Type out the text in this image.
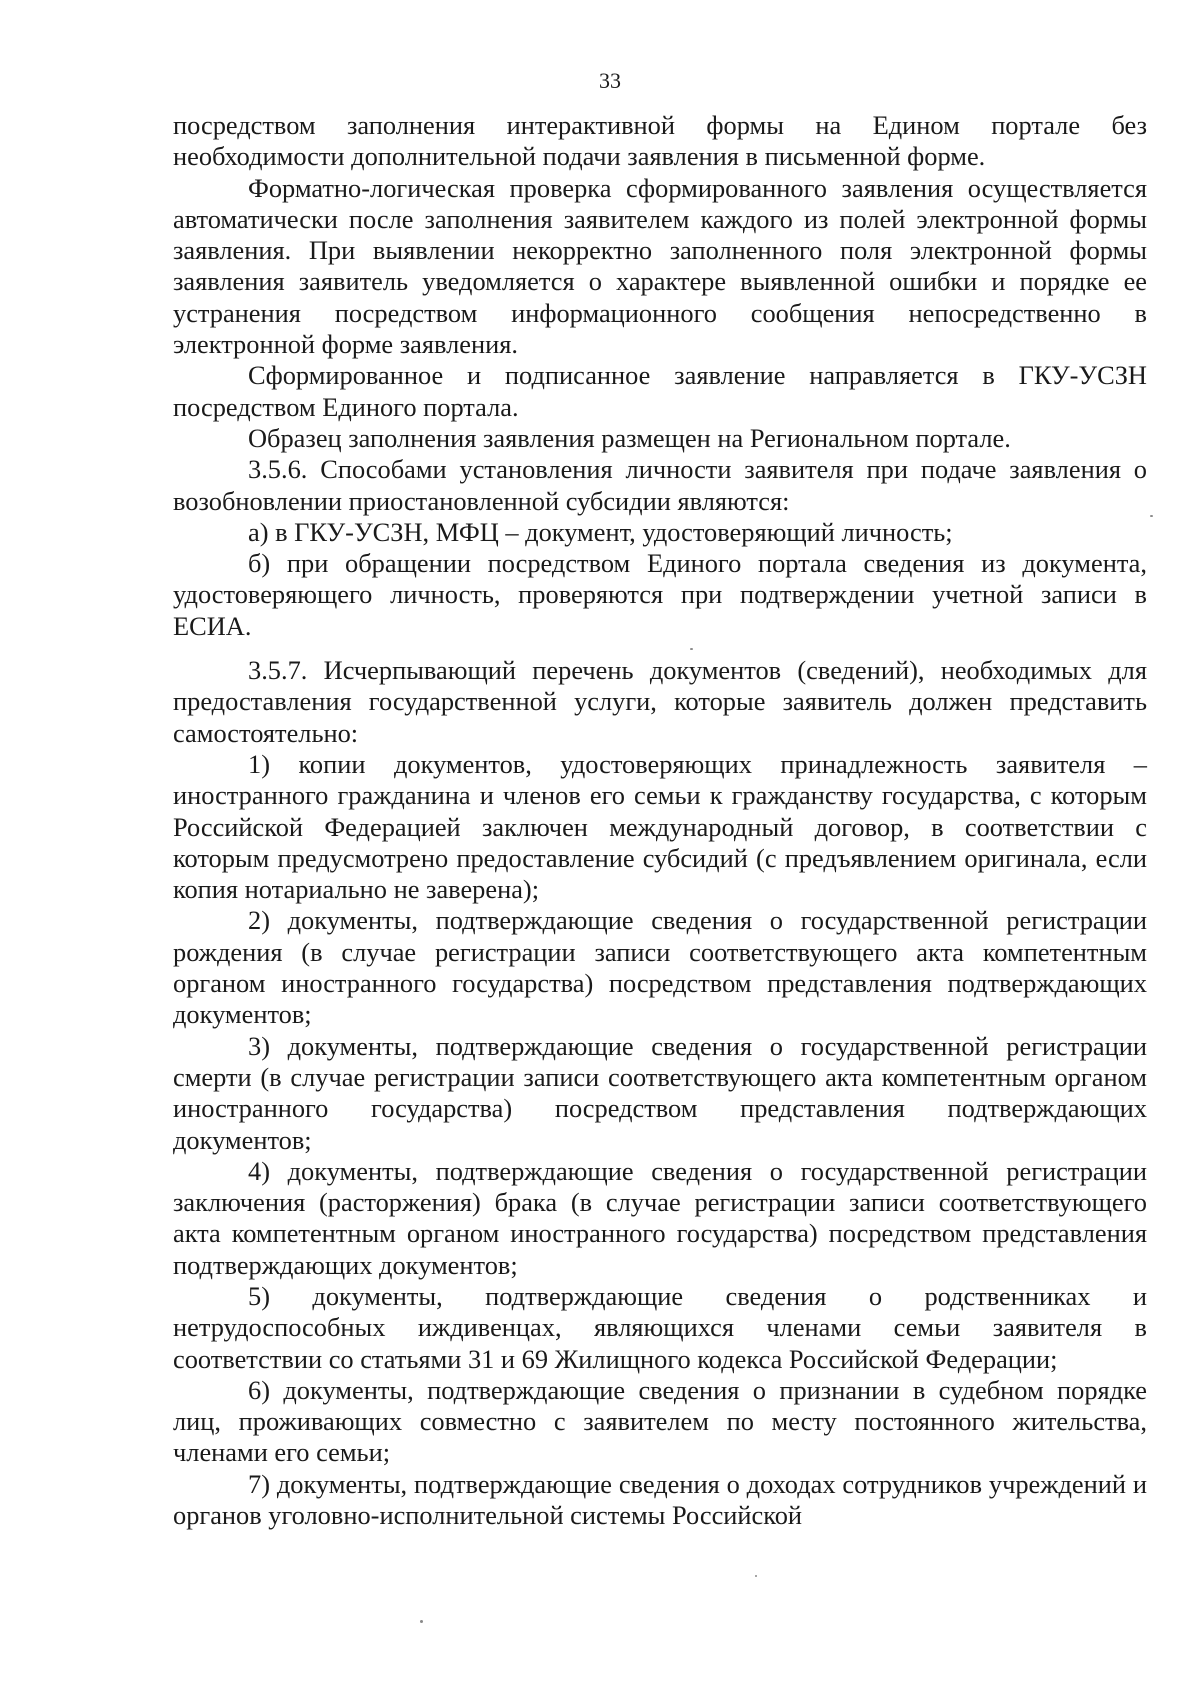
33

посредством заполнения интерактивной формы на Едином портале без необходимости дополнительной подачи заявления в письменной форме.

Форматно-логическая проверка сформированного заявления осуществляется автоматически после заполнения заявителем каждого из полей электронной формы заявления. При выявлении некорректно заполненного поля электронной формы заявления заявитель уведомляется о характере выявленной ошибки и порядке ее устранения посредством информационного сообщения непосредственно в электронной форме заявления.

Сформированное и подписанное заявление направляется в ГКУ-УСЗН посредством Единого портала.

Образец заполнения заявления размещен на Региональном портале.

3.5.6. Способами установления личности заявителя при подаче заявления о возобновлении приостановленной субсидии являются:

а) в ГКУ-УСЗН, МФЦ – документ, удостоверяющий личность;

б) при обращении посредством Единого портала сведения из документа, удостоверяющего личность, проверяются при подтверждении учетной записи в ЕСИА.

3.5.7. Исчерпывающий перечень документов (сведений), необходимых для предоставления государственной услуги, которые заявитель должен представить самостоятельно:

1) копии документов, удостоверяющих принадлежность заявителя – иностранного гражданина и членов его семьи к гражданству государства, с которым Российской Федерацией заключен международный договор, в соответствии с которым предусмотрено предоставление субсидий (с предъявлением оригинала, если копия нотариально не заверена);

2) документы, подтверждающие сведения о государственной регистрации рождения (в случае регистрации записи соответствующего акта компетентным органом иностранного государства) посредством представления подтверждающих документов;

3) документы, подтверждающие сведения о государственной регистрации смерти (в случае регистрации записи соответствующего акта компетентным органом иностранного государства) посредством представления подтверждающих документов;

4) документы, подтверждающие сведения о государственной регистрации заключения (расторжения) брака (в случае регистрации записи соответствующего акта компетентным органом иностранного государства) посредством представления подтверждающих документов;

5) документы, подтверждающие сведения о родственниках и нетрудоспособных иждивенцах, являющихся членами семьи заявителя в соответствии со статьями 31 и 69 Жилищного кодекса Российской Федерации;

6) документы, подтверждающие сведения о признании в судебном порядке лиц, проживающих совместно с заявителем по месту постоянного жительства, членами его семьи;

7) документы, подтверждающие сведения о доходах сотрудников учреждений и органов уголовно-исполнительной системы Российской
